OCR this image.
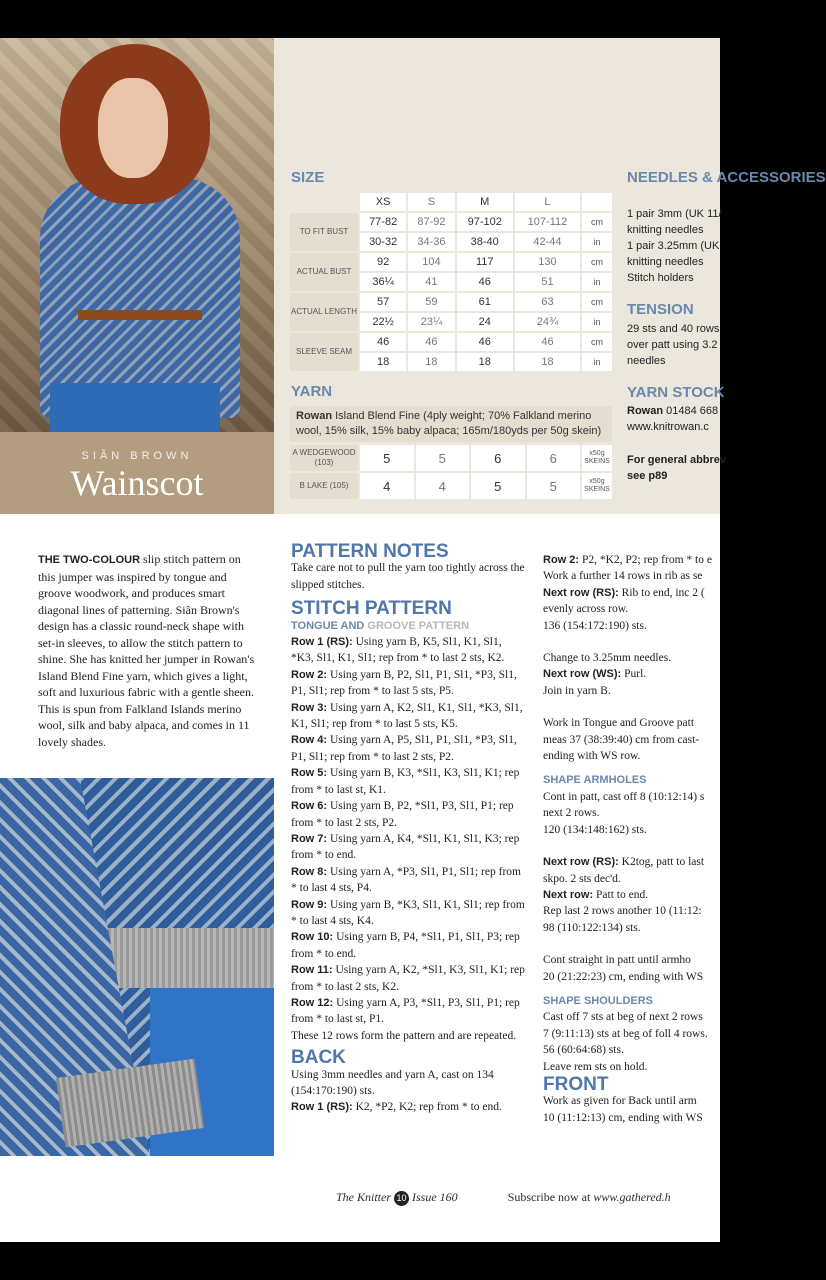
SIÂN BROWN
Wainscot
SIZE
	XS	S	M	L	
TO FIT BUST	77-82	87-92	97-102	107-112	cm
	30-32	34-36	38-40	42-44	in
ACTUAL BUST	92	104	117	130	cm
	36¼	41	46	51	in
ACTUAL LENGTH	57	59	61	63	cm
	22½	23¼	24	24¾	in
SLEEVE SEAM	46	46	46	46	cm
	18	18	18	18	in
YARN
Rowan Island Blend Fine (4ply weight; 70% Falkland merino wool, 15% silk, 15% baby alpaca; 165m/180yds per 50g skein)
A WEDGEWOOD (103)	5	5	6	6	x50g SKEINS
B LAKE (105)	4	4	5	5	x50g SKEINS
NEEDLES & ACCESSORIES
1 pair 3mm (UK 11/
knitting needles
1 pair 3.25mm (UK
knitting needles
Stitch holders
TENSION
29 sts and 40 rows
over patt using 3.2
needles
YARN STOCK
Rowan 01484 668
www.knitrowan.c
For general abbrev
see p89
THE TWO-COLOUR slip stitch pattern on this jumper was inspired by tongue and groove woodwork, and produces smart diagonal lines of patterning. Siân Brown's design has a classic round-neck shape with set-in sleeves, to allow the stitch pattern to shine. She has knitted her jumper in Rowan's Island Blend Fine yarn, which gives a light, soft and luxurious fabric with a gentle sheen. This is spun from Falkland Islands merino wool, silk and baby alpaca, and comes in 11 lovely shades.
PATTERN NOTES
Take care not to pull the yarn too tightly across the slipped stitches.
STITCH PATTERN
TONGUE AND GROOVE PATTERN
Row 1 (RS): Using yarn B, K5, Sl1, K1, Sl1, *K3, Sl1, K1, Sl1; rep from * to last 2 sts, K2.
Row 2: Using yarn B, P2, Sl1, P1, Sl1, *P3, Sl1, P1, Sl1; rep from * to last 5 sts, P5.
Row 3: Using yarn A, K2, Sl1, K1, Sl1, *K3, Sl1, K1, Sl1; rep from * to last 5 sts, K5.
Row 4: Using yarn A, P5, Sl1, P1, Sl1, *P3, Sl1, P1, Sl1; rep from * to last 2 sts, P2.
Row 5: Using yarn B, K3, *Sl1, K3, Sl1, K1; rep from * to last st, K1.
Row 6: Using yarn B, P2, *Sl1, P3, Sl1, P1; rep from * to last 2 sts, P2.
Row 7: Using yarn A, K4, *Sl1, K1, Sl1, K3; rep from * to end.
Row 8: Using yarn A, *P3, Sl1, P1, Sl1; rep from * to last 4 sts, P4.
Row 9: Using yarn B, *K3, Sl1, K1, Sl1; rep from * to last 4 sts, K4.
Row 10: Using yarn B, P4, *Sl1, P1, Sl1, P3; rep from * to end.
Row 11: Using yarn A, K2, *Sl1, K3, Sl1, K1; rep from * to last 2 sts, K2.
Row 12: Using yarn A, P3, *Sl1, P3, Sl1, P1; rep from * to last st, P1.
These 12 rows form the pattern and are repeated.
BACK
Using 3mm needles and yarn A, cast on 134 (154:170:190) sts.
Row 1 (RS): K2, *P2, K2; rep from * to end.
Row 2: P2, *K2, P2; rep from * to e
Work a further 14 rows in rib as se
Next row (RS): Rib to end, inc 2 (
evenly across row.
136 (154:172:190) sts.
Change to 3.25mm needles.
Next row (WS): Purl.
Join in yarn B.
Work in Tongue and Groove patt
meas 37 (38:39:40) cm from cast-
ending with WS row.
SHAPE ARMHOLES
Cont in patt, cast off 8 (10:12:14) s
next 2 rows.
120 (134:148:162) sts.
Next row (RS): K2tog, patt to last
skpo. 2 sts dec'd.
Next row: Patt to end.
Rep last 2 rows another 10 (11:12:
98 (110:122:134) sts.
Cont straight in patt until armho
20 (21:22:23) cm, ending with WS
SHAPE SHOULDERS
Cast off 7 sts at beg of next 2 rows
7 (9:11:13) sts at beg of foll 4 rows.
56 (60:64:68) sts.
Leave rem sts on hold.
FRONT
Work as given for Back until arm
10 (11:12:13) cm, ending with WS
The Knitter 10 Issue 160	Subscribe now at www.gathered.h
